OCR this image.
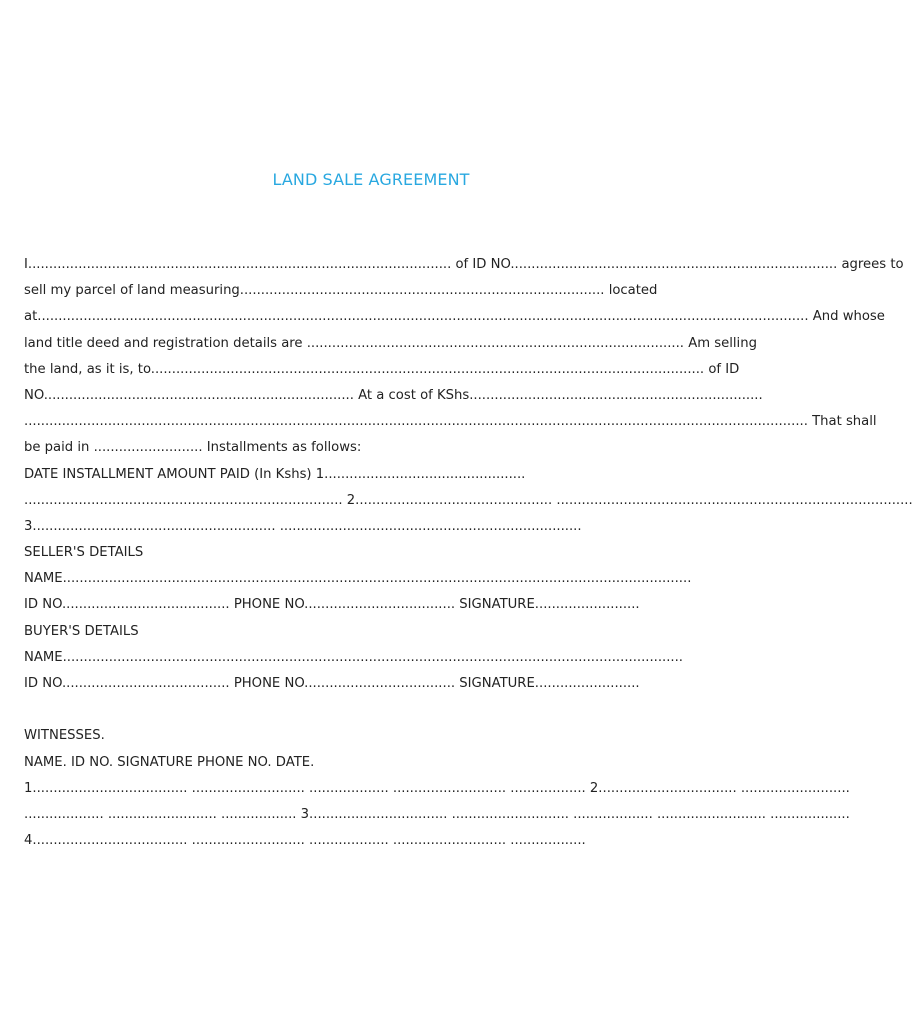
LAND SALE AGREEMENT
I..................................................................................................... of ID NO.............................................................................. agrees to
sell my parcel of land measuring....................................................................................... located
at........................................................................................................................................................................................ And whose
land title deed and registration details are .......................................................................................... Am selling
the land, as it is, to.................................................................................................................................... of ID
NO.......................................................................... At a cost of KShs......................................................................
........................................................................................................................................................................................... That shall
be paid in .......................... Installments as follows:
DATE INSTALLMENT AMOUNT PAID (In Kshs) 1................................................
............................................................................ 2............................................... .....................................................................................
3.......................................................... ........................................................................
SELLER'S DETAILS
NAME......................................................................................................................................................
ID NO........................................ PHONE NO.................................... SIGNATURE.........................
BUYER'S DETAILS
NAME....................................................................................................................................................
ID NO........................................ PHONE NO.................................... SIGNATURE.........................
WITNESSES.
NAME. ID NO. SIGNATURE PHONE NO. DATE.
1..................................... ........................... ................... ........................... .................. 2................................. ..........................
................... .......................... .................. 3................................. ............................ ................... .......................... ...................
4..................................... ........................... ................... ........................... ..................
